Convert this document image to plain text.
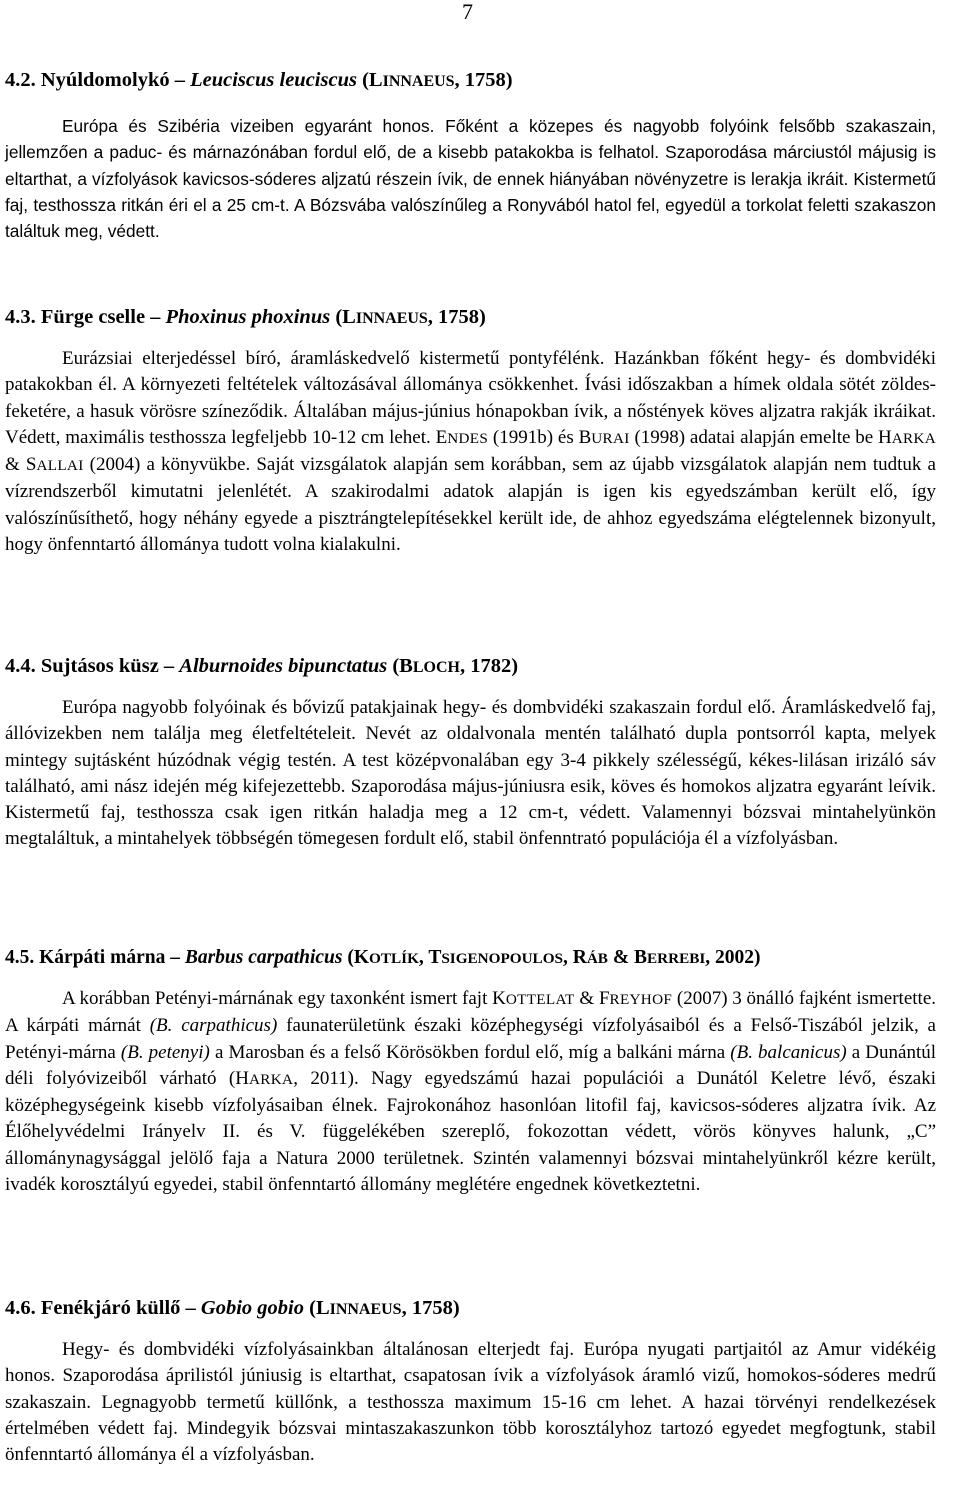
7
4.2. Nyúldomolykó – Leuciscus leuciscus (LINNAEUS, 1758)

Európa és Szibéria vizeiben egyaránt honos. Főként a közepes és nagyobb folyóink felsőbb szakaszain, jellemzően a paduc- és márnazónában fordul elő, de a kisebb patakokba is felhatol. Szaporodása márciustól májusig is eltarthat, a vízfolyások kavicsos-sóderes aljzatú részein ívik, de ennek hiányában növényzetre is lerakja ikráit. Kistermetű faj, testhossza ritkán éri el a 25 cm-t. A Bózsvába valószínűleg a Ronyvából hatol fel, egyedül a torkolat feletti szakaszon találtuk meg, védett.

4.3. Fürge cselle – Phoxinus phoxinus (LINNAEUS, 1758)

Eurázsiai elterjedéssel bíró, áramláskedvelő kistermetű pontyfélénk. Hazánkban főként hegy- és dombvidéki patakokban él. A környezeti feltételek változásával állománya csökkenhet. Ívási időszakban a hímek oldala sötét zöldes-feketére, a hasuk vörösre színeződik. Általában május-június hónapokban ívik, a nőstények köves aljzatra rakják ikráikat. Védett, maximális testhossza legfeljebb 10-12 cm lehet. ENDES (1991b) és BURAI (1998) adatai alapján emelte be HARKA & SALLAI (2004) a könyvükbe. Saját vizsgálatok alapján sem korábban, sem az újabb vizsgálatok alapján nem tudtuk a vízrendszerből kimutatni jelenlétét. A szakirodalmi adatok alapján is igen kis egyedszámban került elő, így valószínűsíthető, hogy néhány egyede a pisztrángtelepítésekkel került ide, de ahhoz egyedszáma elégtelennek bizonyult, hogy önfenntartó állománya tudott volna kialakulni.

4.4. Sujtásos küsz – Alburnoides bipunctatus (BLOCH, 1782)

Európa nagyobb folyóinak és bővizű patakjainak hegy- és dombvidéki szakaszain fordul elő. Áramláskedvelő faj, állóvizekben nem találja meg életfeltételeit. Nevét az oldalvonala mentén található dupla pontsorról kapta, melyek mintegy sujtásként húzódnak végig testén. A test középvonalában egy 3-4 pikkely szélességű, kékes-lilásan irizáló sáv található, ami nász idején még kifejezettebb. Szaporodása május-júniusra esik, köves és homokos aljzatra egyaránt leívik. Kistermetű faj, testhossza csak igen ritkán haladja meg a 12 cm-t, védett. Valamennyi bózsvai mintahelyünkön megtaláltuk, a mintahelyek többségén tömegesen fordult elő, stabil önfenntrató populációja él a vízfolyásban.

4.5. Kárpáti márna – Barbus carpathicus (KOTLÍK, TSIGENOPOULOS, RÁB & BERREBI, 2002)

A korábban Petényi-márnának egy taxonként ismert fajt KOTTELAT & FREYHOF (2007) 3 önálló fajként ismertette. A kárpáti márnát (B. carpathicus) faunaterületünk északi középhegységi vízfolyásaiból és a Felső-Tiszából jelzik, a Petényi-márna (B. petenyi) a Marosban és a felső Körösökben fordul elő, míg a balkáni márna (B. balcanicus) a Dunántúl déli folyóvizeiből várható (HARKA, 2011). Nagy egyedszámú hazai populációi a Dunától Keletre lévő, északi középhegységeink kisebb vízfolyásaiban élnek. Fajrokonához hasonlóan litofil faj, kavicsos-sóderes aljzatra ívik. Az Élőhelyvédelmi Irányelv II. és V. függelékében szereplő, fokozottan védett, vörös könyves halunk, „C” állománynagysággal jelölő faja a Natura 2000 területnek. Szintén valamennyi bózsvai mintahelyünkről kézre került, ivadék korosztályú egyedei, stabil önfenntartó állomány meglétére engednek következtetni.

4.6. Fenékjáró küllő – Gobio gobio (LINNAEUS, 1758)

Hegy- és dombvidéki vízfolyásainkban általánosan elterjedt faj. Európa nyugati partjaitól az Amur vidékéig honos. Szaporodása áprilistól júniusig is eltarthat, csapatosan ívik a vízfolyások áramló vizű, homokos-sóderes medrű szakaszain. Legnagyobb termetű küllőnk, a testhossza maximum 15-16 cm lehet. A hazai törvényi rendelkezések értelmében védett faj. Mindegyik bózsvai mintaszakaszunkon több korosztályhoz tartozó egyedet megfogtunk, stabil önfenntartó állománya él a vízfolyásban.
